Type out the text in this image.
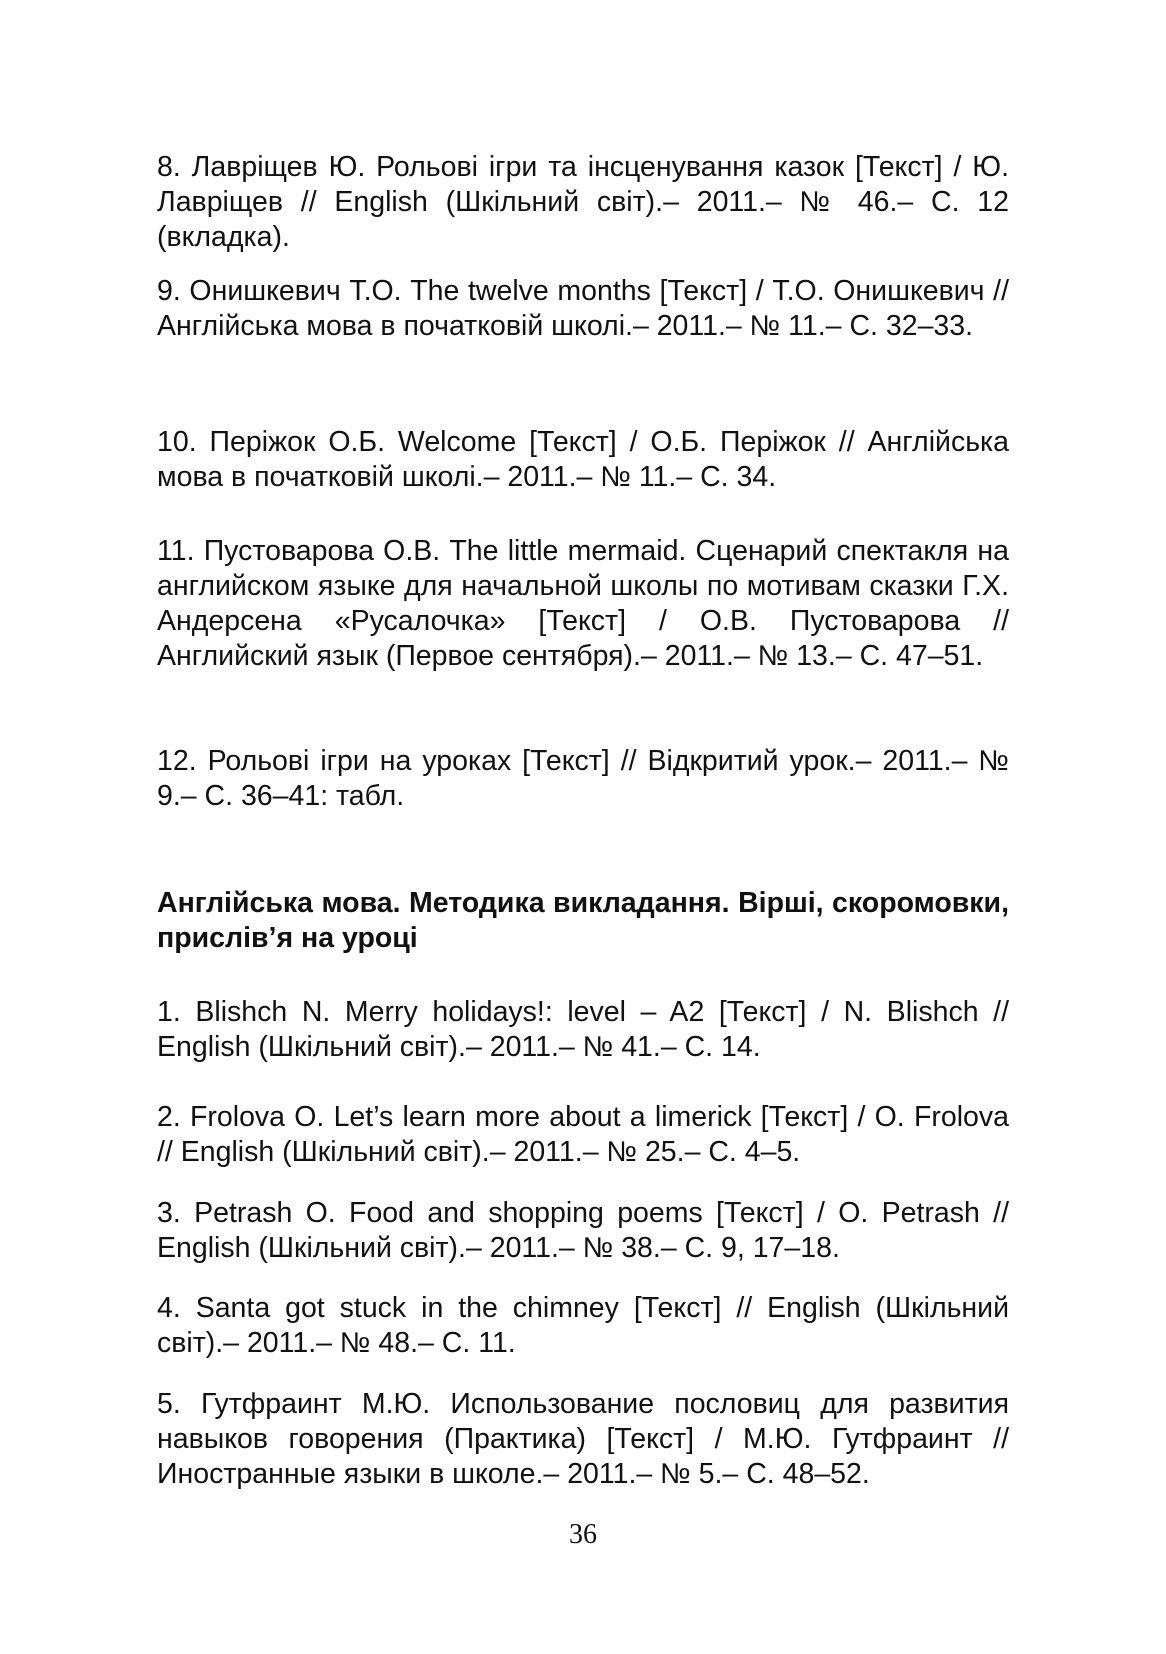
8. Лавріщев Ю. Рольові ігри та інсценування казок [Текст] / Ю. Лавріщев // English (Шкільний світ).– 2011.– № 46.– С. 12 (вкладка).

9. Онишкевич Т.О. The twelve months [Текст] / Т.О. Онишкевич // Англійська мова в початковій школі.– 2011.– № 11.– С. 32–33.

10. Періжок О.Б. Welcome [Текст] / О.Б. Періжок // Англійська мова в початковій школі.– 2011.– № 11.– С. 34.

11. Пустоварова О.В. The little mermaid. Сценарий спектакля на английском языке для начальной школы по мотивам сказки Г.Х. Андерсена «Русалочка» [Текст] / О.В. Пустоварова // Английский язык (Первое сентября).– 2011.– № 13.– С. 47–51.

12. Рольові ігри на уроках [Текст] // Відкритий урок.– 2011.– № 9.– С. 36–41: табл.

Англійська мова. Методика викладання. Вірші, скоромовки, прислів’я на уроці

1. Blishch N. Merry holidays!: level – A2 [Текст] / N. Blishch // English (Шкільний світ).– 2011.– № 41.– С. 14.

2. Frolova O. Let’s learn more about a limerick [Текст] / O. Frolova // English (Шкільний світ).– 2011.– № 25.– С. 4–5.

3. Petrash O. Food and shopping poems [Текст] / O. Petrash // English (Шкільний світ).– 2011.– № 38.– С. 9, 17–18.

4. Santa got stuck in the chimney [Текст] // English (Шкільний світ).– 2011.– № 48.– С. 11.

5. Гутфраинт М.Ю. Использование пословиц для развития навыков говорения (Практика) [Текст] / М.Ю. Гутфраинт // Иностранные языки в школе.– 2011.– № 5.– С. 48–52.

36
